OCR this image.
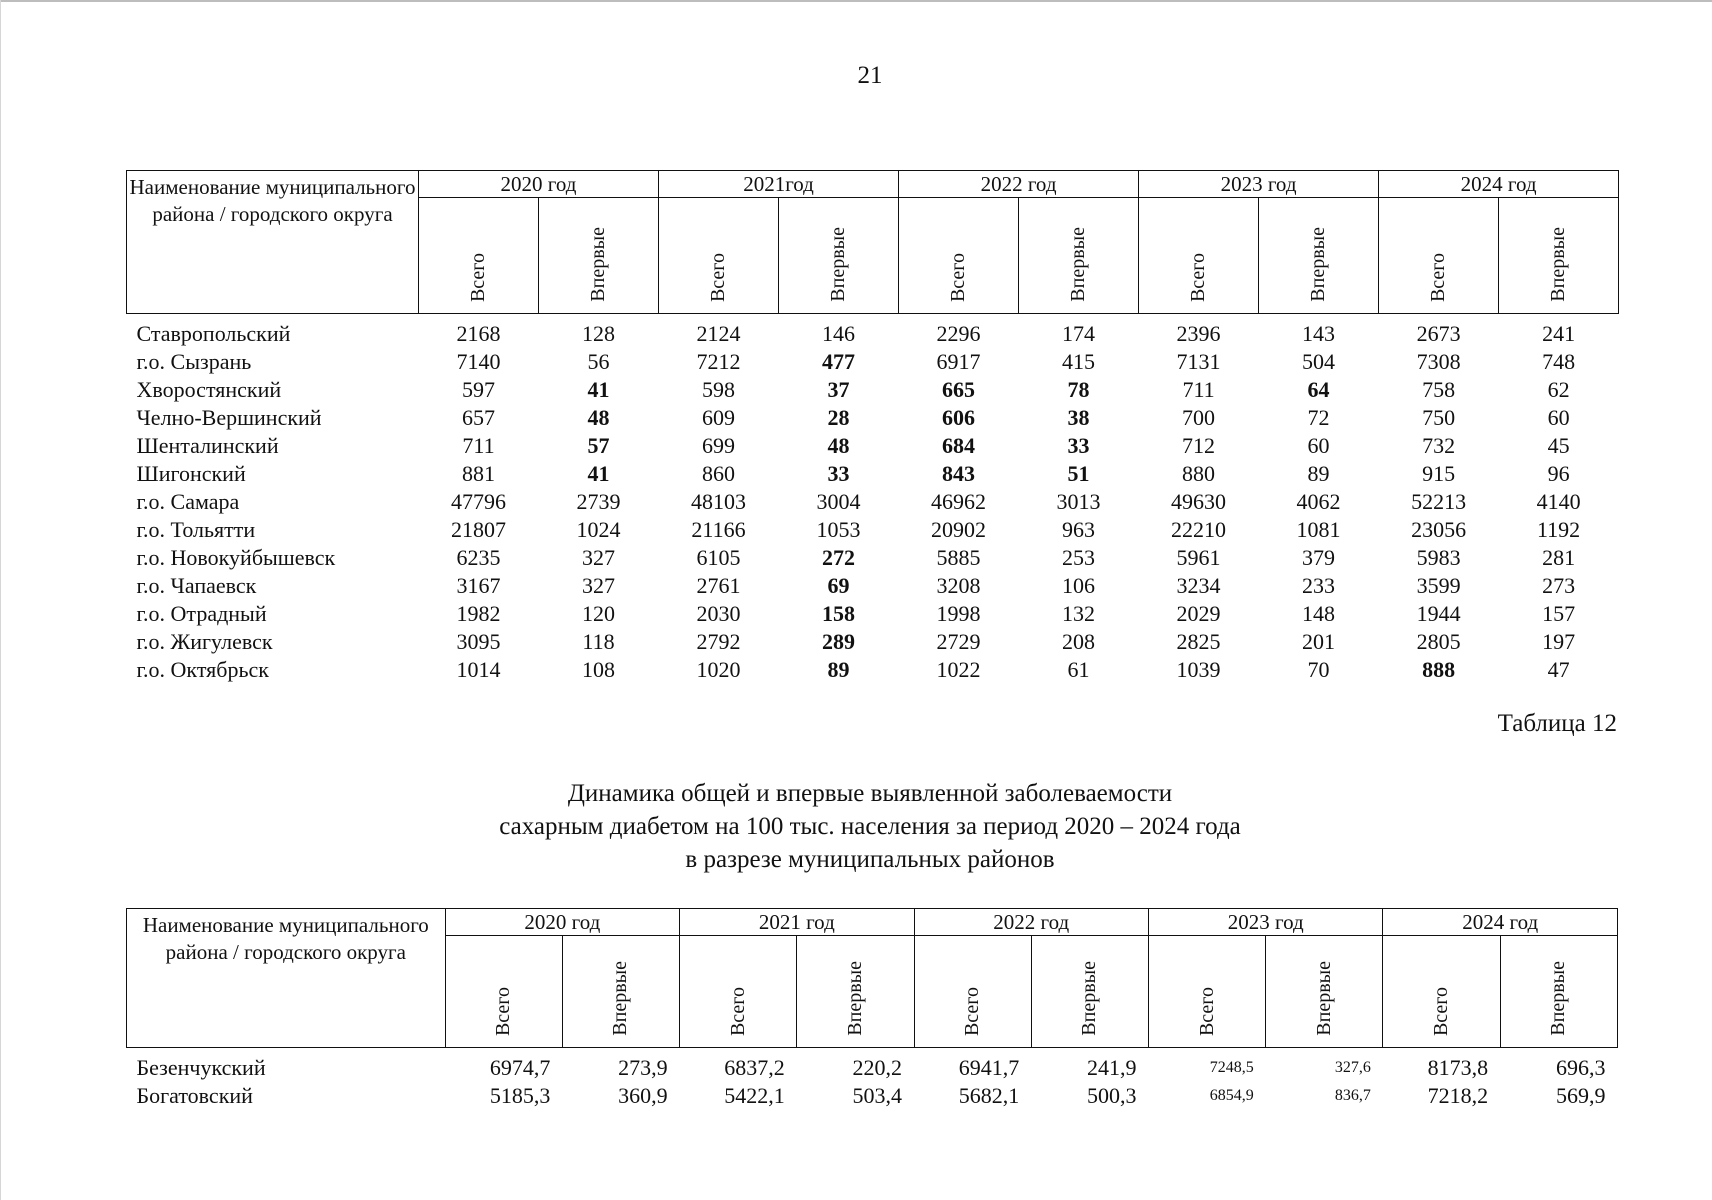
21
Наименование муниципального района / городского округа	2020 год		2021год		2022 год		2023 год		2024 год	
	Всего	Впервые	Всего	Впервые	Всего	Впервые	Всего	Впервые	Всего	Впервые

Ставропольский	2168	128	2124	146	2296	174	2396	143	2673	241
г.о. Сызрань	7140	56	7212	477	6917	415	7131	504	7308	748
Хворостянский	597	41	598	37	665	78	711	64	758	62
Челно-Вершинский	657	48	609	28	606	38	700	72	750	60
Шенталинский	711	57	699	48	684	33	712	60	732	45
Шигонский	881	41	860	33	843	51	880	89	915	96
г.о. Самара	47796	2739	48103	3004	46962	3013	49630	4062	52213	4140
г.о. Тольятти	21807	1024	21166	1053	20902	963	22210	1081	23056	1192
г.о. Новокуйбышевск	6235	327	6105	272	5885	253	5961	379	5983	281
г.о. Чапаевск	3167	327	2761	69	3208	106	3234	233	3599	273
г.о. Отрадный	1982	120	2030	158	1998	132	2029	148	1944	157
г.о. Жигулевск	3095	118	2792	289	2729	208	2825	201	2805	197
г.о. Октябрьск	1014	108	1020	89	1022	61	1039	70	888	47
Таблица 12
Динамика общей и впервые выявленной заболеваемости
сахарным диабетом на 100 тыс. населения за период 2020 – 2024 года
в разрезе муниципальных районов
Наименование муниципального района / городского округа	2020 год		2021 год		2022 год		2023 год		2024 год	
	Всего	Впервые	Всего	Впервые	Всего	Впервые	Всего	Впервые	Всего	Впервые

Безенчукский	6974,7	273,9	6837,2	220,2	6941,7	241,9	7248,5	327,6	8173,8	696,3
Богатовский	5185,3	360,9	5422,1	503,4	5682,1	500,3	6854,9	836,7	7218,2	569,9
